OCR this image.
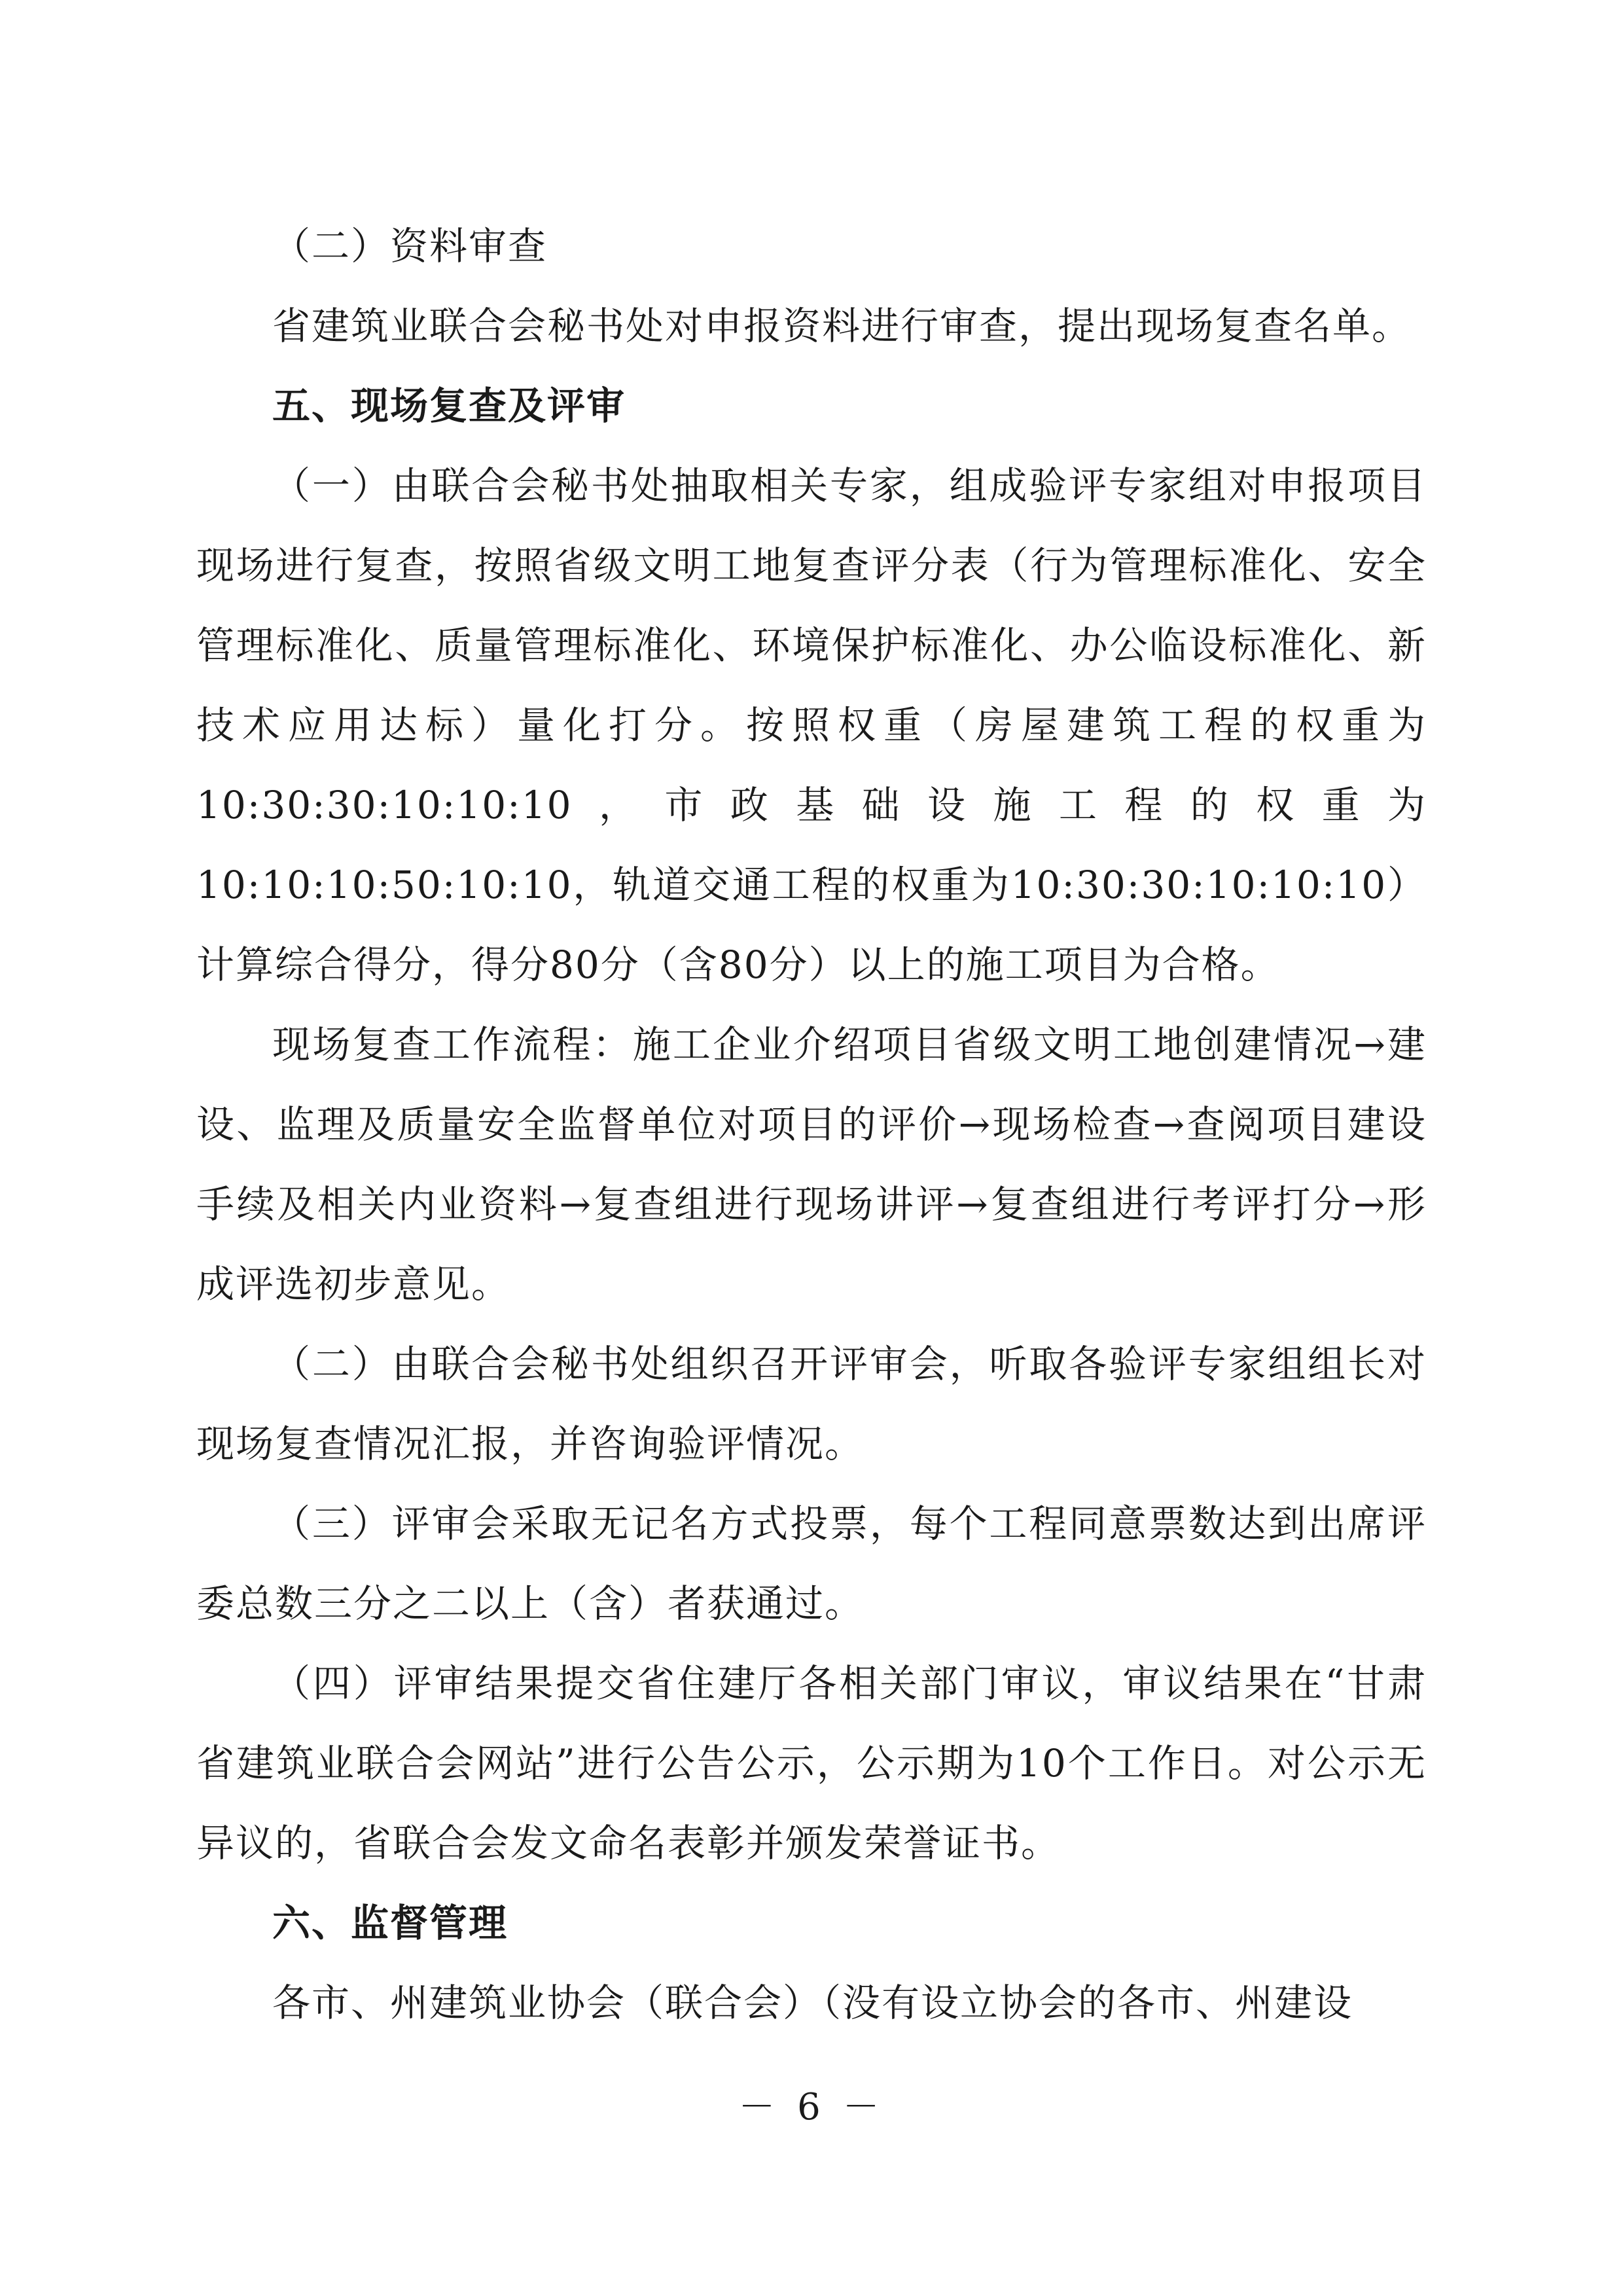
（二）资料审查

省建筑业联合会秘书处对申报资料进行审查，提出现场复查名单。

五、现场复查及评审

（一）由联合会秘书处抽取相关专家，组成验评专家组对申报项目现场进行复查，按照省级文明工地复查评分表（行为管理标准化、安全管理标准化、质量管理标准化、环境保护标准化、办公临设标准化、新技术应用达标）量化打分。按照权重（房屋建筑工程的权重为10:30:30:10:10:10，市政基础设施工程的权重为10:10:10:50:10:10，轨道交通工程的权重为10:30:30:10:10:10）计算综合得分，得分80分（含80分）以上的施工项目为合格。

现场复查工作流程：施工企业介绍项目省级文明工地创建情况→建设、监理及质量安全监督单位对项目的评价→现场检查→查阅项目建设手续及相关内业资料→复查组进行现场讲评→复查组进行考评打分→形成评选初步意见。

（二）由联合会秘书处组织召开评审会，听取各验评专家组组长对现场复查情况汇报，并咨询验评情况。

（三）评审会采取无记名方式投票，每个工程同意票数达到出席评委总数三分之二以上（含）者获通过。

（四）评审结果提交省住建厅各相关部门审议，审议结果在“甘肃省建筑业联合会网站”进行公告公示，公示期为10个工作日。对公示无异议的，省联合会发文命名表彰并颁发荣誉证书。

六、监督管理

各市、州建筑业协会（联合会）（没有设立协会的各市、州建设

－ 6 －
